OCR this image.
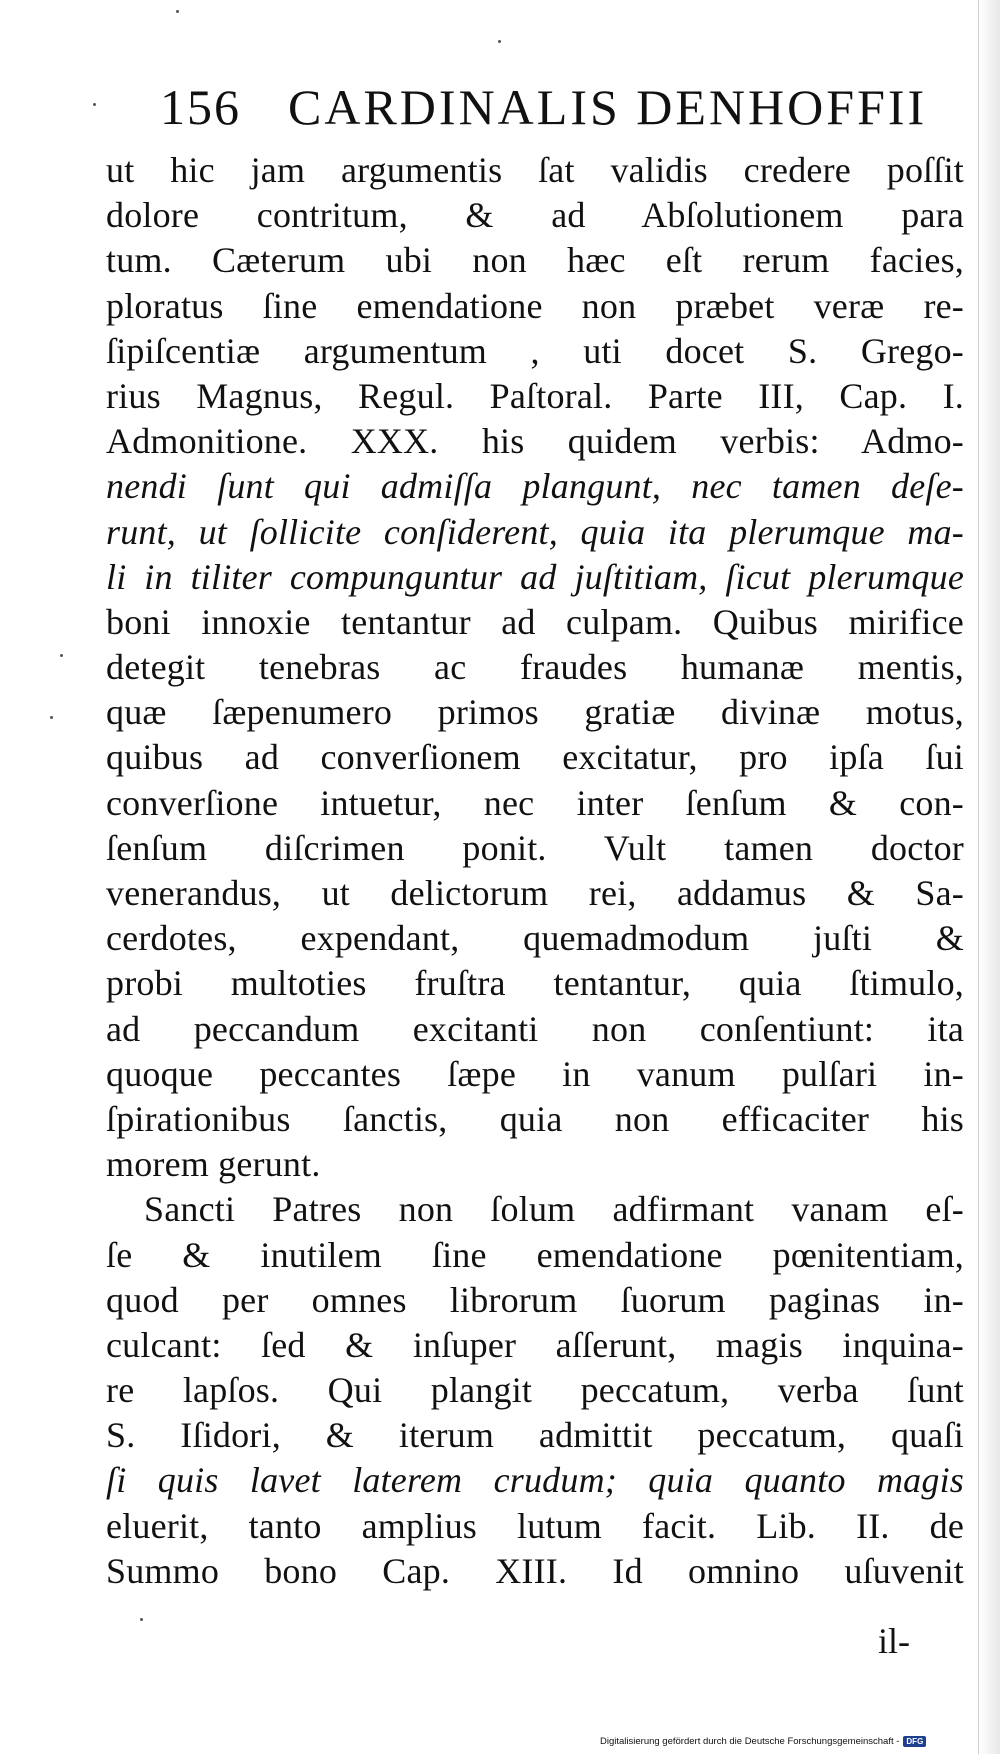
156 CARDINALIS DENHOFFII
ut hic jam argumentis ſat validis credere poſſit
dolore contritum, & ad Abſolutionem para
tum. Cæterum ubi non hæc eſt rerum facies,
ploratus ſine emendatione non præbet veræ re-
ſipiſcentiæ argumentum , uti docet S. Grego-
rius Magnus, Regul. Paſtoral. Parte III, Cap. I.
Admonitione. XXX. his quidem verbis: Admo-
nendi ſunt qui admiſſa plangunt, nec tamen deſe-
runt, ut ſollicite conſiderent, quia ita plerumque ma-
li in tiliter compunguntur ad juſtitiam, ſicut plerumque
boni innoxie tentantur ad culpam. Quibus mirifice
detegit tenebras ac fraudes humanæ mentis,
quæ ſæpenumero primos gratiæ divinæ motus,
quibus ad converſionem excitatur, pro ipſa ſui
converſione intuetur, nec inter ſenſum & con-
ſenſum diſcrimen ponit. Vult tamen doctor
venerandus, ut delictorum rei, addamus & Sa-
cerdotes, expendant, quemadmodum juſti &
probi multoties fruſtra tentantur, quia ſtimulo,
ad peccandum excitanti non conſentiunt: ita
quoque peccantes ſæpe in vanum pulſari in-
ſpirationibus ſanctis, quia non efficaciter his
morem gerunt.
Sancti Patres non ſolum adfirmant vanam eſ-
ſe & inutilem ſine emendatione pœnitentiam,
quod per omnes librorum ſuorum paginas in-
culcant: ſed & inſuper aſſerunt, magis inquina-
re lapſos. Qui plangit peccatum, verba ſunt
S. Iſidori, & iterum admittit peccatum, quaſi
ſi quis lavet laterem crudum; quia quanto magis
eluerit, tanto amplius lutum facit. Lib. II. de
Summo bono Cap. XIII. Id omnino uſuvenit
il-
Digitalisierung gefördert durch die Deutsche Forschungsgemeinschaft - DFG
